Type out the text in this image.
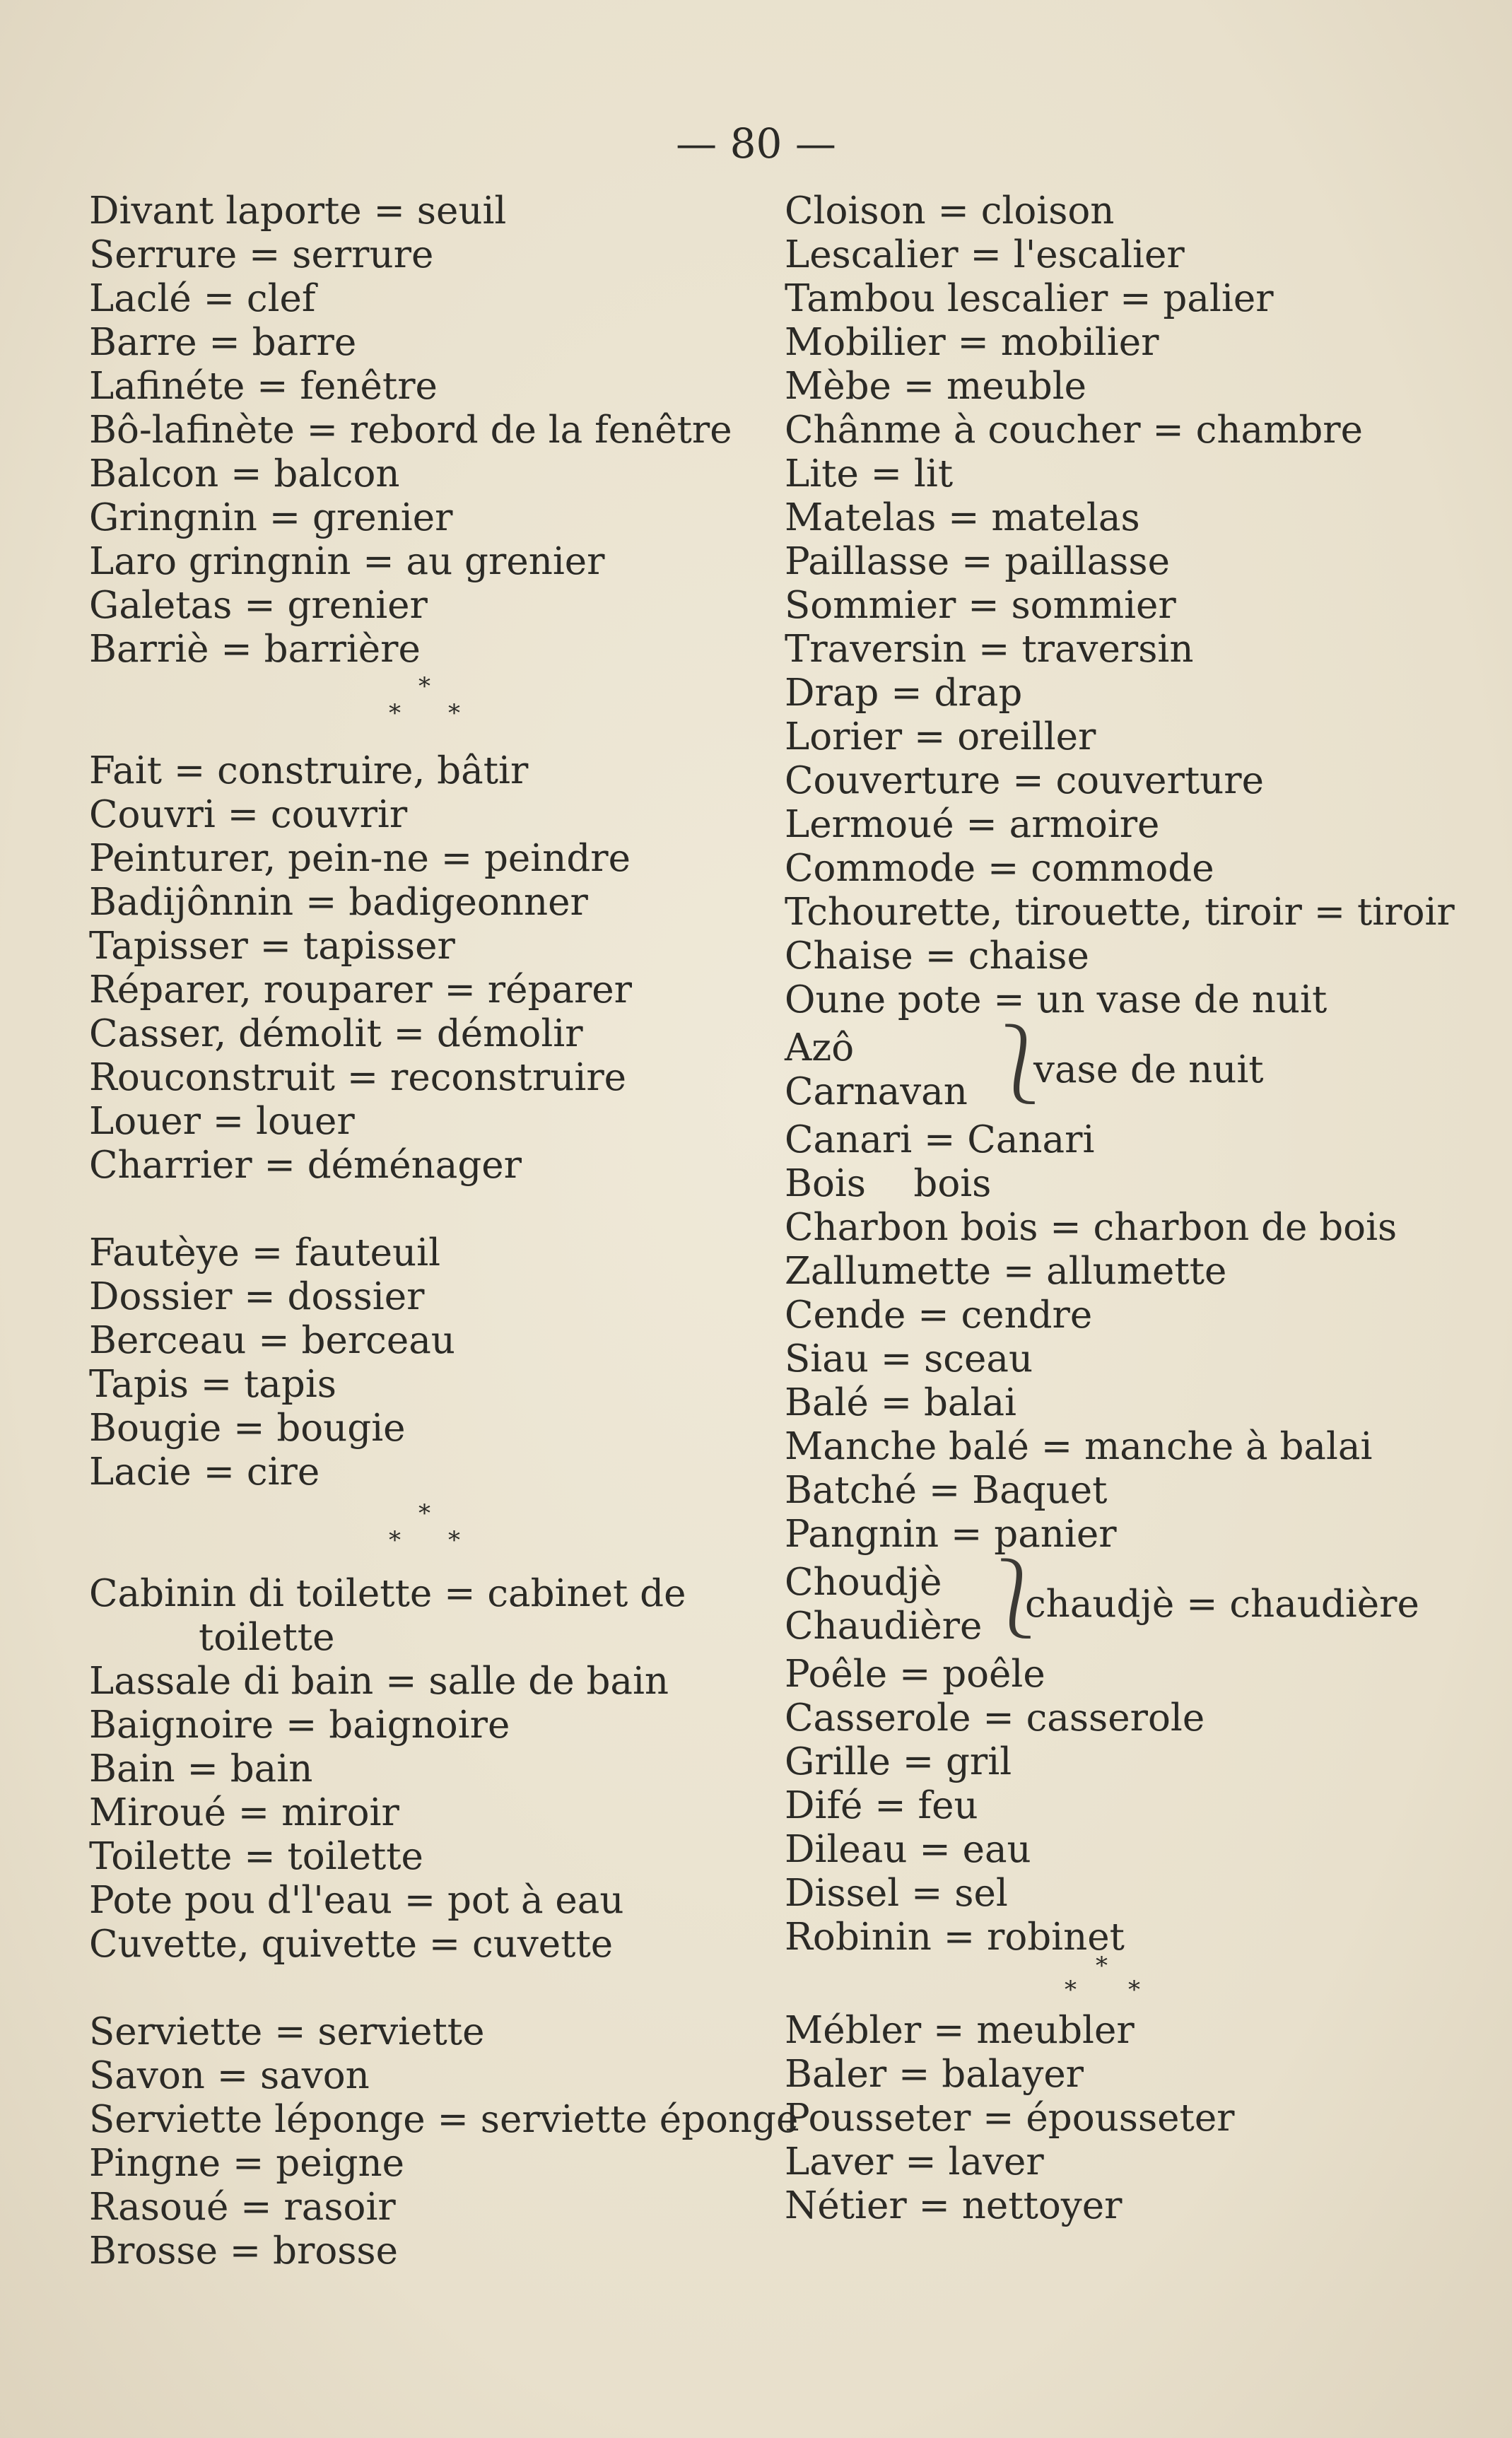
— 80 —
Divant laporte = seuil
Serrure = serrure
Laclé = clef
Barre = barre
Lafinéte = fenêtre
Bô-lafinète = rebord de la fenêtre
Balcon = balcon
Gringnin = grenier
Laro gringnin = au grenier
Galetas = grenier
Barriè = barrière
*
* *
Fait = construire, bâtir
Couvri = couvrir
Peinturer, pein-ne = peindre
Badijônnin = badigeonner
Tapisser = tapisser
Réparer, rouparer = réparer
Casser, démolit = démolir
Rouconstruit = reconstruire
Louer = louer
Charrier = déménager
Fautèye = fauteuil
Dossier = dossier
Berceau = berceau
Tapis = tapis
Bougie = bougie
Lacie = cire
*
* *
Cabinin di toilette = cabinet de
toilette
Lassale di bain = salle de bain
Baignoire = baignoire
Bain = bain
Miroué = miroir
Toilette = toilette
Pote pou d'l'eau = pot à eau
Cuvette, quivette = cuvette
Serviette = serviette
Savon = savon
Serviette léponge = serviette éponge
Pingne = peigne
Rasoué = rasoir
Brosse = brosse
Cloison = cloison
Lescalier = l'escalier
Tambou lescalier = palier
Mobilier = mobilier
Mèbe = meuble
Chânme à coucher = chambre
Lite = lit
Matelas = matelas
Paillasse = paillasse
Sommier = sommier
Traversin = traversin
Drap = drap
Lorier = oreiller
Couverture = couverture
Lermoué = armoire
Commode = commode
Tchourette, tirouette, tiroir = tiroir
Chaise = chaise
Oune pote = un vase de nuit
Azô
Carnavan ⎱
vase de nuit
Canari = Canari
Bois    bois
Charbon bois = charbon de bois
Zallumette = allumette
Cende = cendre
Siau = sceau
Balé = balai
Manche balé = manche à balai
Batché = Baquet
Pangnin = panier
Choudjè
Chaudière
⎱
chaudjè = chaudière
Poêle = poêle
Casserole = casserole
Grille = gril
Difé = feu
Dileau = eau
Dissel = sel
Robinin = robinet
*
* *
Mébler = meubler
Baler = balayer
Pousseter = épousseter
Laver = laver
Nétier = nettoyer
